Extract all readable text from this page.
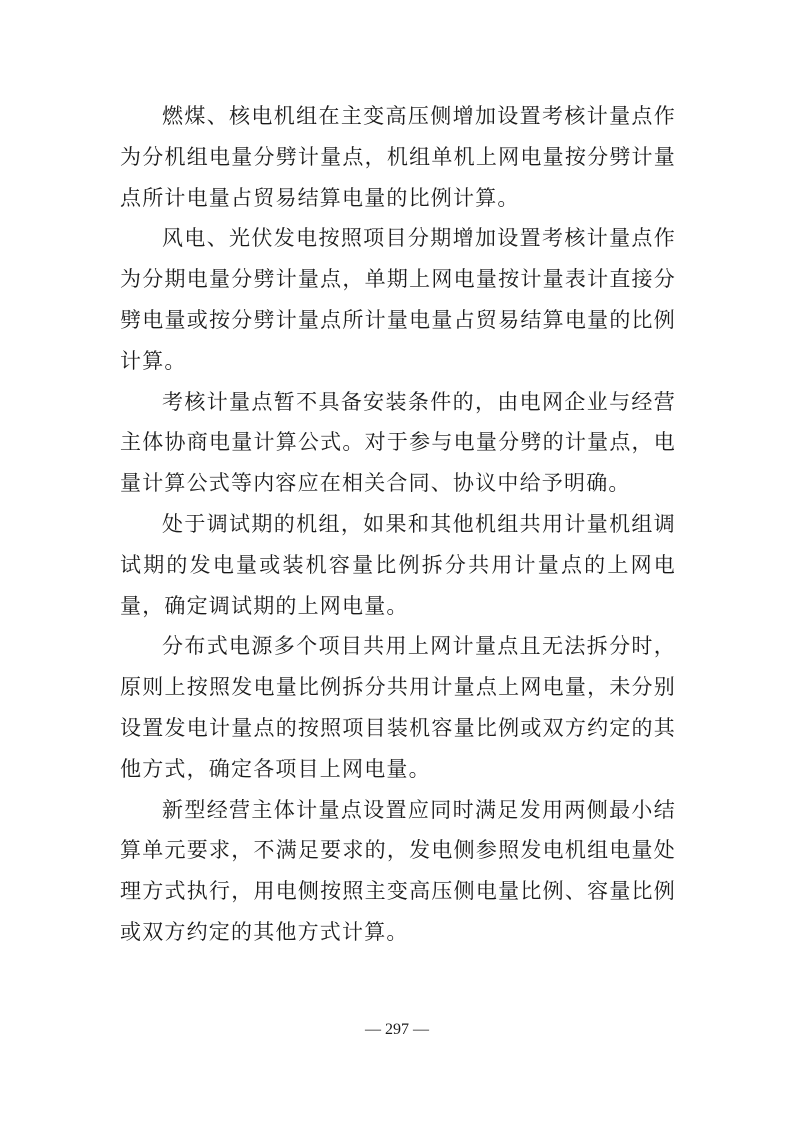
燃煤、核电机组在主变高压侧增加设置考核计量点作为分机组电量分劈计量点，机组单机上网电量按分劈计量点所计电量占贸易结算电量的比例计算。

风电、光伏发电按照项目分期增加设置考核计量点作为分期电量分劈计量点，单期上网电量按计量表计直接分劈电量或按分劈计量点所计量电量占贸易结算电量的比例计算。

考核计量点暂不具备安装条件的，由电网企业与经营主体协商电量计算公式。对于参与电量分劈的计量点，电量计算公式等内容应在相关合同、协议中给予明确。

处于调试期的机组，如果和其他机组共用计量机组调试期的发电量或装机容量比例拆分共用计量点的上网电量，确定调试期的上网电量。

分布式电源多个项目共用上网计量点且无法拆分时，原则上按照发电量比例拆分共用计量点上网电量，未分别设置发电计量点的按照项目装机容量比例或双方约定的其他方式，确定各项目上网电量。

新型经营主体计量点设置应同时满足发用两侧最小结算单元要求，不满足要求的，发电侧参照发电机组电量处理方式执行，用电侧按照主变高压侧电量比例、容量比例或双方约定的其他方式计算。

— 297 —
